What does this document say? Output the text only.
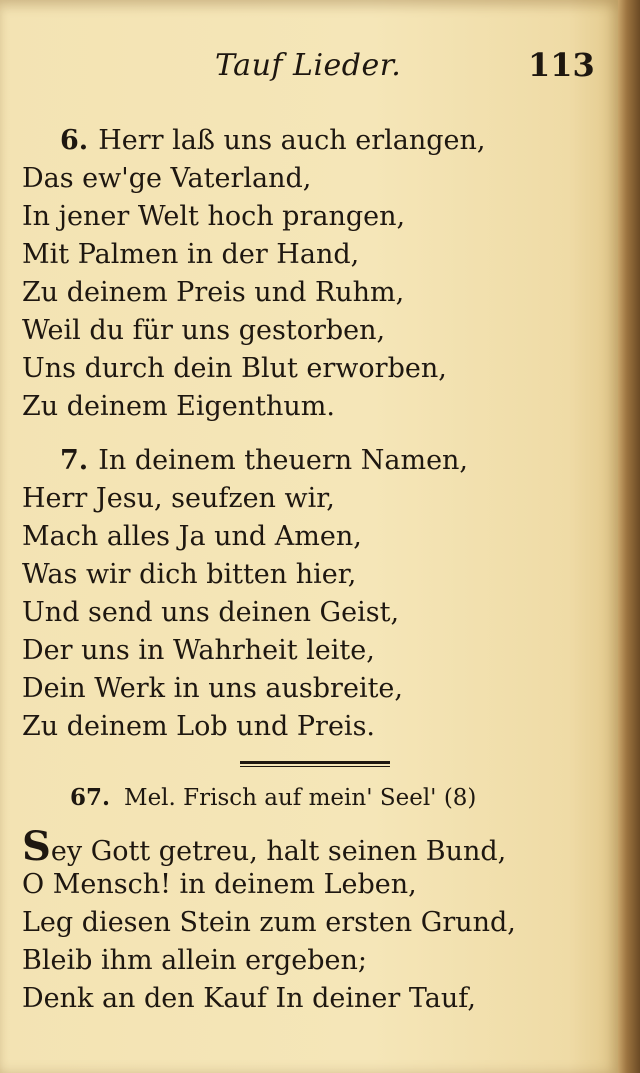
Tauf Lieder.	113
6. Herr laß uns auch erlangen,
Das ew'ge Vaterland,
In jener Welt hoch prangen,
Mit Palmen in der Hand,
Zu deinem Preis und Ruhm,
Weil du für uns gestorben,
Uns durch dein Blut erworben,
Zu deinem Eigenthum.
7. In deinem theuern Namen,
Herr Jesu, seufzen wir,
Mach alles Ja und Amen,
Was wir dich bitten hier,
Und send uns deinen Geist,
Der uns in Wahrheit leite,
Dein Werk in uns ausbreite,
Zu deinem Lob und Preis.
67. Mel. Frisch auf mein' Seel' (8)
Sey Gott getreu, halt seinen Bund,
O Mensch! in deinem Leben,
Leg diesen Stein zum ersten Grund,
Bleib ihm allein ergeben;
Denk an den Kauf In deiner Tauf,
